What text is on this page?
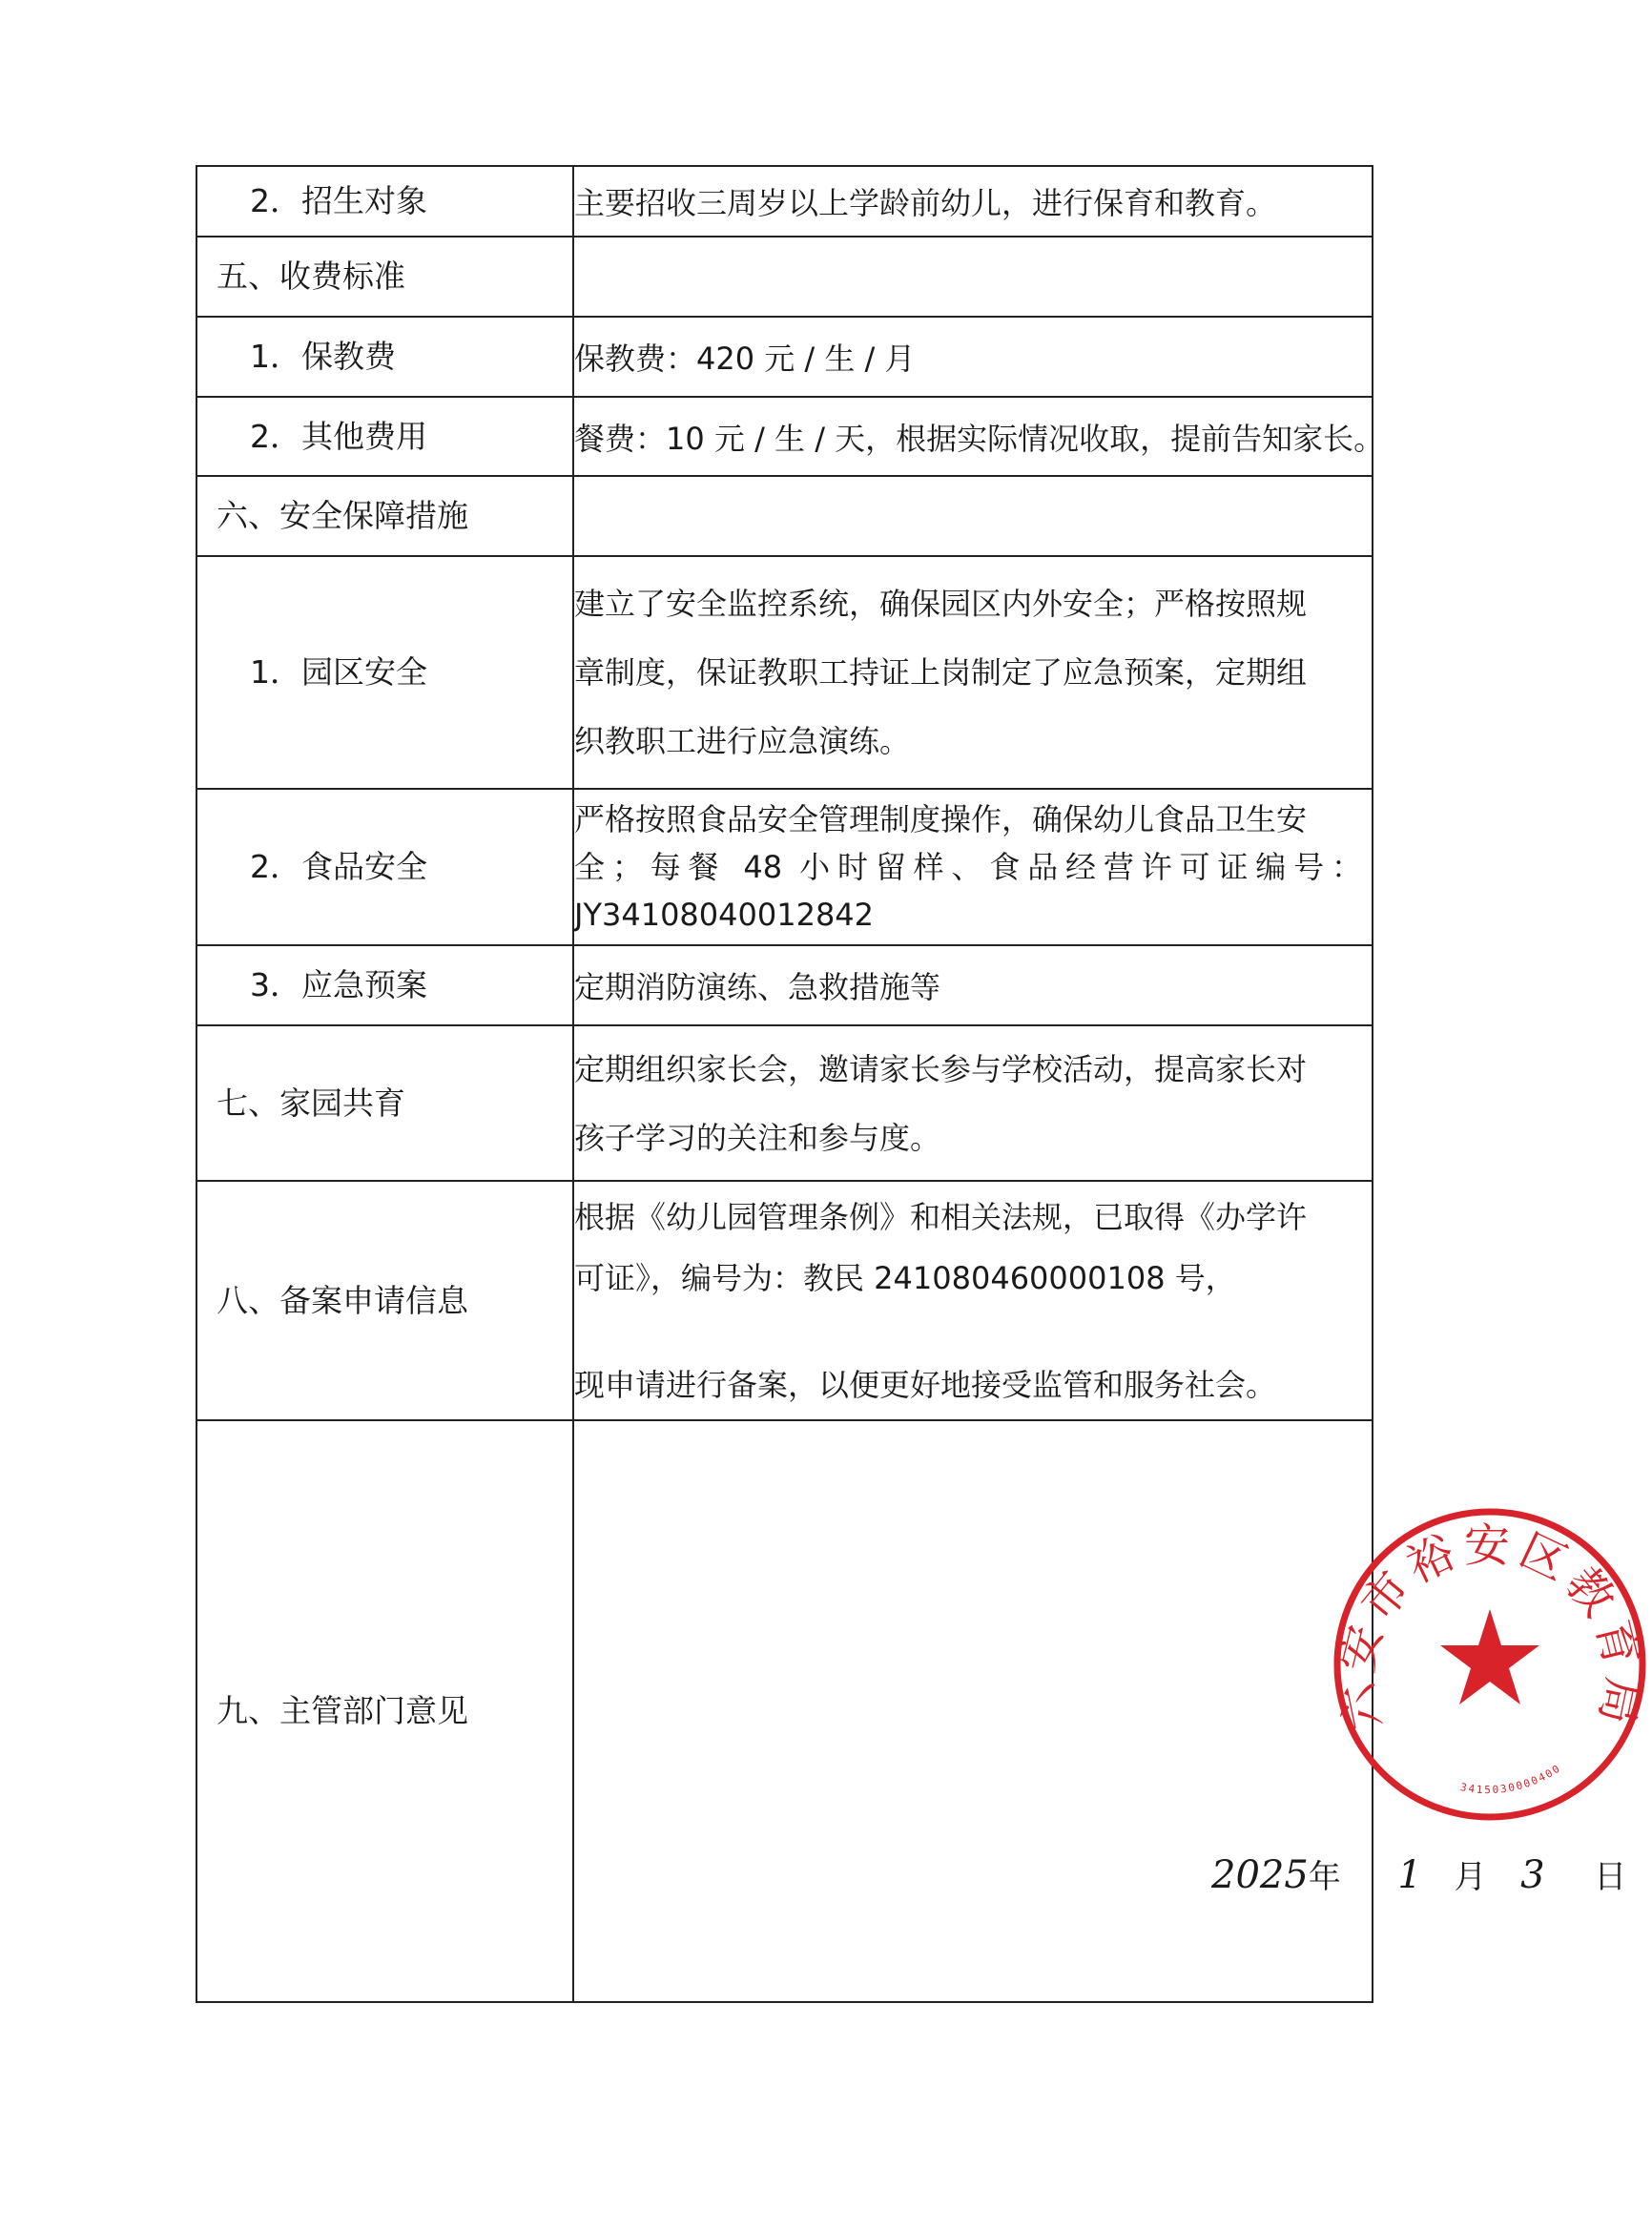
2．招生对象	主要招收三周岁以上学龄前幼儿，进行保育和教育。
五、收费标准	
1．保教费	保教费：420 元 / 生 / 月
2．其他费用	餐费：10 元 / 生 / 天，根据实际情况收取，提前告知家长。
六、安全保障措施	
1．园区安全	建立了安全监控系统，确保园区内外安全；严格按照规
章制度，保证教职工持证上岗制定了应急预案，定期组
织教职工进行应急演练。

2．食品安全	严格按照食品安全管理制度操作，确保幼儿食品卫生安
全；每餐 48 小时留样、食品经营许可证编号：
JY34108040012842

3．应急预案	定期消防演练、急救措施等
七、家园共育	定期组织家长会，邀请家长参与学校活动，提高家长对
孩子学习的关注和参与度。

八、备案申请信息	根据《幼儿园管理条例》和相关法规，已取得《办学许
可证》，编号为：教民 241080460000108 号，
现申请进行备案，以便更好地接受监管和服务社会。

九、主管部门意见	六安市裕安区教育局
3415030000400
2025年 1 月 3 日
